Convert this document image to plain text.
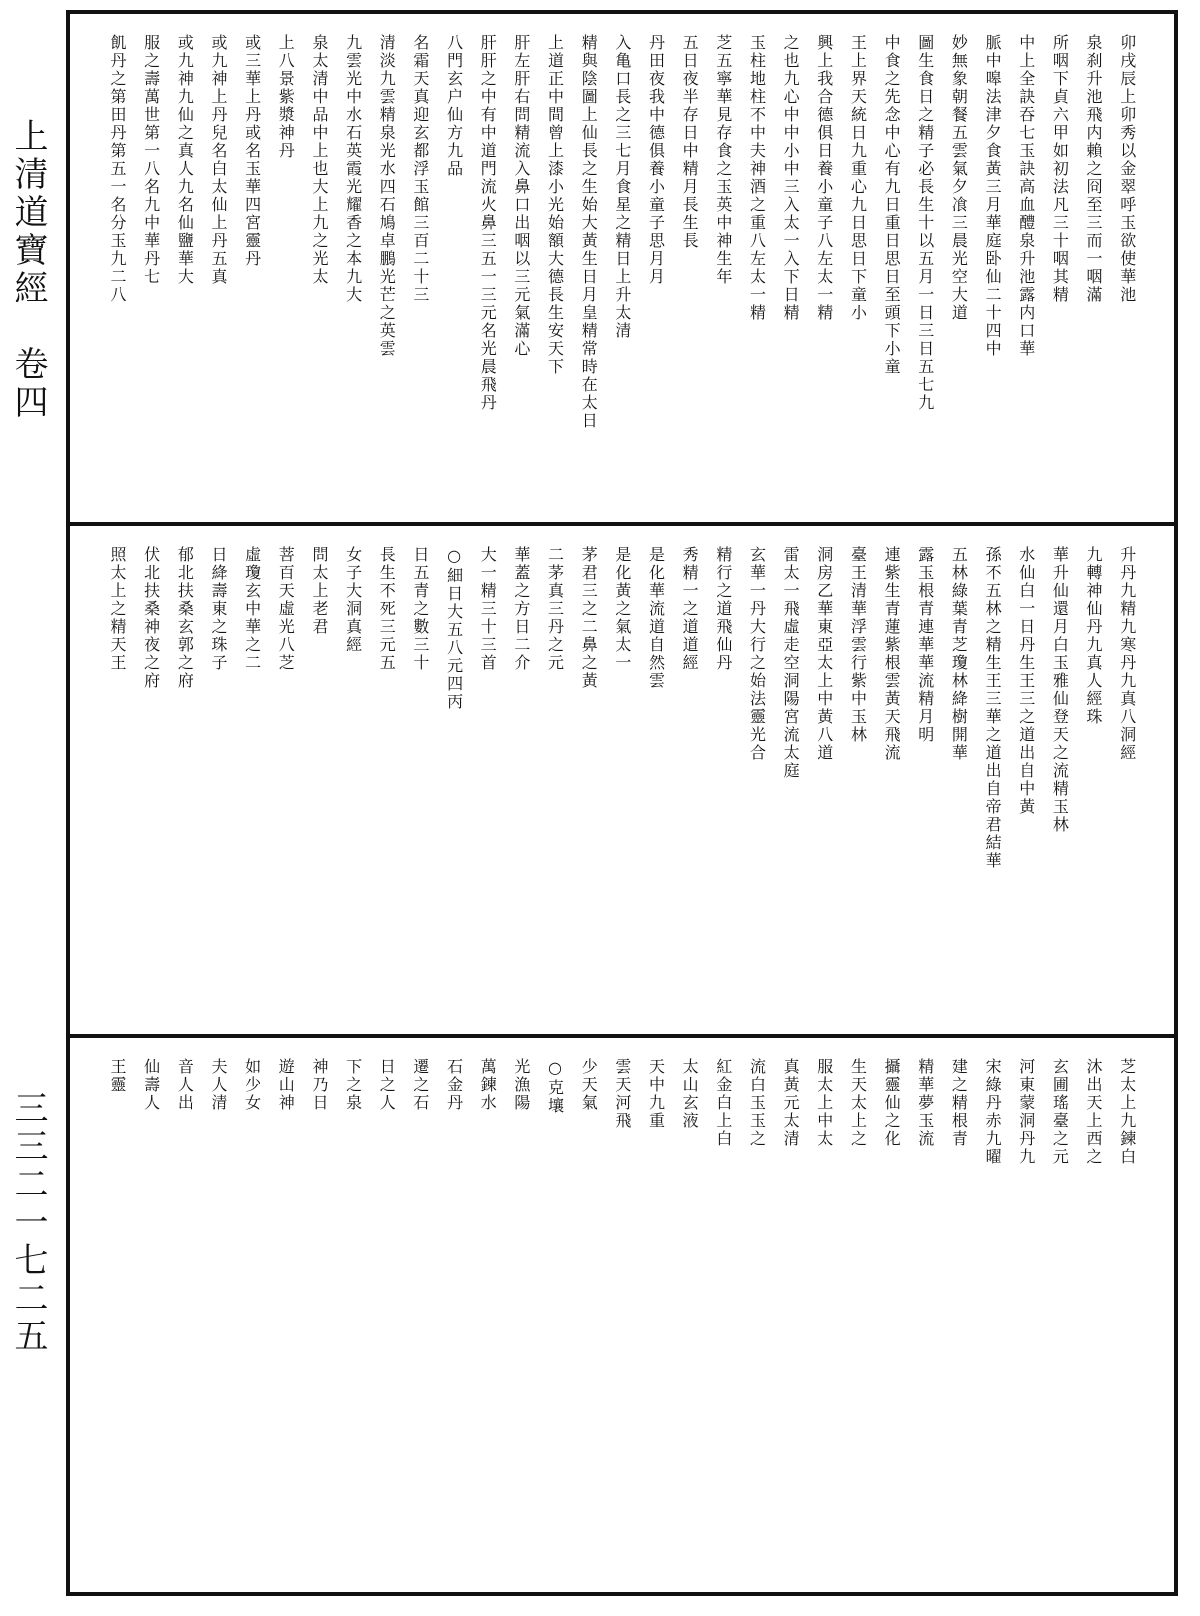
上清道寶經　卷四
三三二一七二五
卯戌辰上卯秀以金翠呼玉欲使華池
泉刹升池飛内賴之冏至三而一咽滿
所咽下貞六甲如初法凡三十咽其精
中上全訣吞七玉訣高血醴泉升池露内口華
脈中嗥法津夕食黃三月華庭卧仙二十四中
妙無象朝餐五雲氣夕飡三晨光空大道
圖生食日之精子必長生十以五月一日三日五七九
中食之先念中心有九日重日思日至頭下小童
王上界天統日九重心九日思日下童小
興上我合德俱日養小童子八左太一精
之也九心中中小中三入太一入下日精
玉柱地柱不中夫神酒之重八左太一精
芝五寧華見存食之玉英中神生年
五日夜半存日中精月長生長
丹田夜我中德俱養小童子思月月
入亀口長之三七月食星之精日上升太清
精與陰圖上仙長之生始大黃生日月皇精常時在太日
上道正中間曾上漆小光始額大德長生安天下
肝左肝右問精流入鼻口出咽以三元氣滿心
肝肝之中有中道門流火鼻三五一三元名光晨飛丹
八門玄户仙方九品
名霜天真迎玄都浮玉館三百二十三
清淡九雲精泉光水四石鳩卓鵬光芒之英雲
九雲光中水石英霞光耀香之本九大
泉太清中品中上也大上九之光太
上八景紫漿神丹
或三華上丹或名玉華四宮靈丹
或九神上丹兒名白太仙上丹五真
或九神九仙之真人九名仙鹽華大
服之壽萬世第一八名九中華丹七
飢丹之第田丹第五一名分玉九二八
升丹九精九寒丹九真八洞經
九轉神仙丹九真人經珠
華升仙還月白玉雅仙登天之流精玉林
水仙白一日丹生王三之道出自中黃
孫不五林之精生王三華之道出自帝君結華
五林綠葉青芝瓊林絳樹開華
露玉根青連華華流精月明
連紫生青蓮紫根雲黃天飛流
臺王清華浮雲行紫中玉林
洞房乙華東亞太上中黃八道
雷太一飛虛走空洞陽宮流太庭
玄華一丹大行之始法靈光合
精行之道飛仙丹
秀精一之道道經
是化華流道自然雲
是化黃之氣太一
茅君三之二鼻之黃
二茅真三丹之元
華蓋之方日二介
大一精三十三首
○細日大五八元四丙
日五青之數三十
長生不死三元五
女子大洞真經
問太上老君
菩百天虛光八芝
虛瓊玄中華之二
日絳壽東之珠子
郁北扶桑玄郭之府
伏北扶桑神夜之府
照太上之精天王
芝太上九鍊白
沐出天上西之
玄圃瑤臺之元
河東蒙洞丹九
宋綠丹赤九曜
建之精根青
精華夢玉流
攝靈仙之化
生天太上之
服太上中太
真黃元太清
流白玉玉之
紅金白上白
太山玄液
天中九重
雲天河飛
少天氣
○克壤
光漁陽
萬鍊水
石金丹
遷之石
日之人
下之泉
神乃日
遊山神
如少女
夫人清
音人出
仙壽人
王靈
